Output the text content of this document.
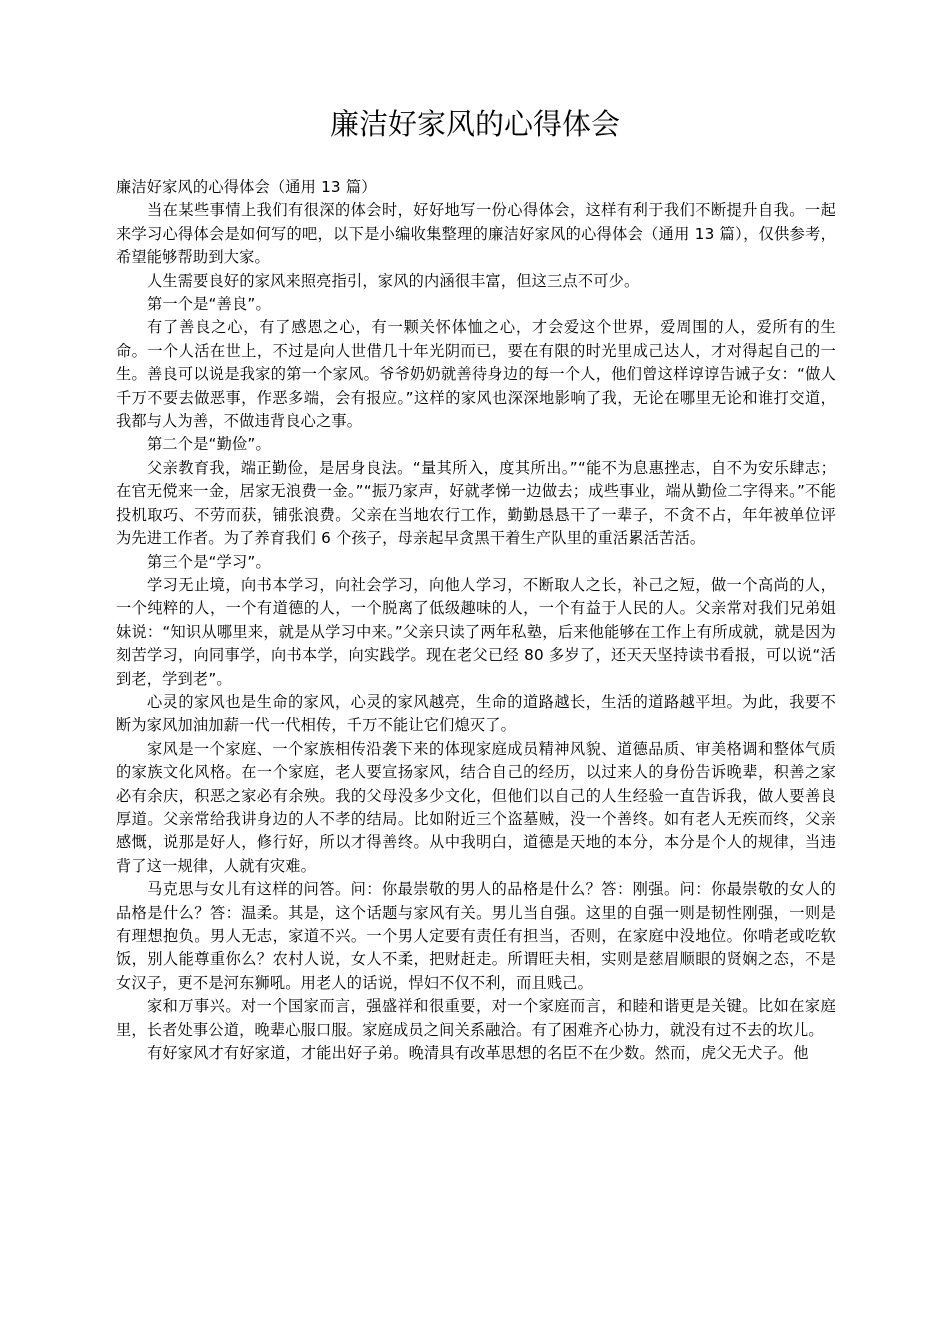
廉洁好家风的心得体会

廉洁好家风的心得体会（通用 13 篇）

当在某些事情上我们有很深的体会时，好好地写一份心得体会，这样有利于我们不断提升自我。一起来学习心得体会是如何写的吧，以下是小编收集整理的廉洁好家风的心得体会（通用 13 篇），仅供参考，希望能够帮助到大家。

人生需要良好的家风来照亮指引，家风的内涵很丰富，但这三点不可少。

第一个是“善良”。

有了善良之心，有了感恩之心，有一颗关怀体恤之心，才会爱这个世界，爱周围的人，爱所有的生命。一个人活在世上，不过是向人世借几十年光阴而已，要在有限的时光里成己达人，才对得起自己的一生。善良可以说是我家的第一个家风。爷爷奶奶就善待身边的每一个人，他们曾这样谆谆告诫子女：“做人千万不要去做恶事，作恶多端，会有报应。”这样的家风也深深地影响了我，无论在哪里无论和谁打交道，我都与人为善，不做违背良心之事。

第二个是“勤俭”。

父亲教育我，端正勤俭，是居身良法。“量其所入，度其所出。”“能不为息惠挫志，自不为安乐肆志；在官无傥来一金，居家无浪费一金。”“振乃家声，好就孝悌一边做去；成些事业，端从勤俭二字得来。”不能投机取巧、不劳而获，铺张浪费。父亲在当地农行工作，勤勤恳恳干了一辈子，不贪不占，年年被单位评为先进工作者。为了养育我们 6 个孩子，母亲起早贪黑干着生产队里的重活累活苦活。

第三个是“学习”。

学习无止境，向书本学习，向社会学习，向他人学习，不断取人之长，补己之短，做一个高尚的人，一个纯粹的人，一个有道德的人，一个脱离了低级趣味的人，一个有益于人民的人。父亲常对我们兄弟姐妹说：“知识从哪里来，就是从学习中来。”父亲只读了两年私塾，后来他能够在工作上有所成就，就是因为刻苦学习，向同事学，向书本学，向实践学。现在老父已经 80 多岁了，还天天坚持读书看报，可以说“活到老，学到老”。

心灵的家风也是生命的家风，心灵的家风越亮，生命的道路越长，生活的道路越平坦。为此，我要不断为家风加油加薪一代一代相传，千万不能让它们熄灭了。

家风是一个家庭、一个家族相传沿袭下来的体现家庭成员精神风貌、道德品质、审美格调和整体气质的家族文化风格。在一个家庭，老人要宣扬家风，结合自己的经历，以过来人的身份告诉晚辈，积善之家必有余庆，积恶之家必有余殃。我的父母没多少文化，但他们以自己的人生经验一直告诉我，做人要善良厚道。父亲常给我讲身边的人不孝的结局。比如附近三个盗墓贼，没一个善终。如有老人无疾而终，父亲感慨，说那是好人，修行好，所以才得善终。从中我明白，道德是天地的本分，本分是个人的规律，当违背了这一规律，人就有灾难。

马克思与女儿有这样的问答。问：你最崇敬的男人的品格是什么？答：刚强。问：你最崇敬的女人的品格是什么？答：温柔。其是，这个话题与家风有关。男儿当自强。这里的自强一则是韧性刚强，一则是有理想抱负。男人无志，家道不兴。一个男人定要有责任有担当，否则，在家庭中没地位。你啃老或吃软饭，别人能尊重你么？农村人说，女人不柔，把财赶走。所谓旺夫相，实则是慈眉顺眼的贤娴之态，不是女汉子，更不是河东狮吼。用老人的话说，悍妇不仅不利，而且贱己。

家和万事兴。对一个国家而言，强盛祥和很重要，对一个家庭而言，和睦和谐更是关键。比如在家庭里，长者处事公道，晚辈心服口服。家庭成员之间关系融洽。有了困难齐心协力，就没有过不去的坎儿。

有好家风才有好家道，才能出好子弟。晚清具有改革思想的名臣不在少数。然而，虎父无犬子。他
